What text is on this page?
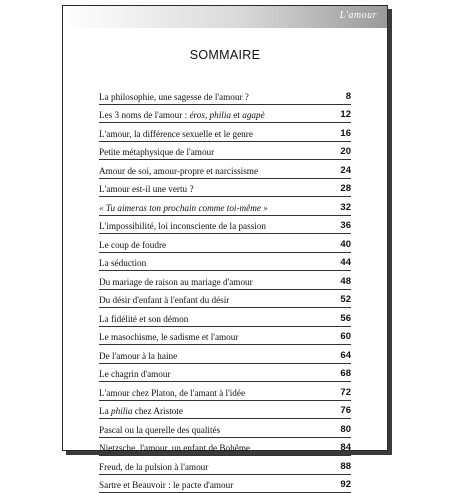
L'amour
SOMMAIRE
La philosophie, une sagesse de l'amour ?	8
Les 3 noms de l'amour : éros, philia et agapè	12
L'amour, la différence sexuelle et le genre	16
Petite métaphysique de l'amour	20
Amour de soi, amour-propre et narcissisme	24
L'amour est-il une vertu ?	28
« Tu aimeras ton prochain comme toi-même »	32
L'impossibilité, loi inconsciente de la passion	36
Le coup de foudre	40
La séduction	44
Du mariage de raison au mariage d'amour	48
Du désir d'enfant à l'enfant du désir	52
La fidélité et son démon	56
Le masochisme, le sadisme et l'amour	60
De l'amour à la haine	64
Le chagrin d'amour	68
L'amour chez Platon, de l'amant à l'idée	72
La philia chez Aristote	76
Pascal ou la querelle des qualités	80
Nietzsche, l'amour, un enfant de Bohême	84
Freud, de la pulsion à l'amour	88
Sartre et Beauvoir : le pacte d'amour	92
